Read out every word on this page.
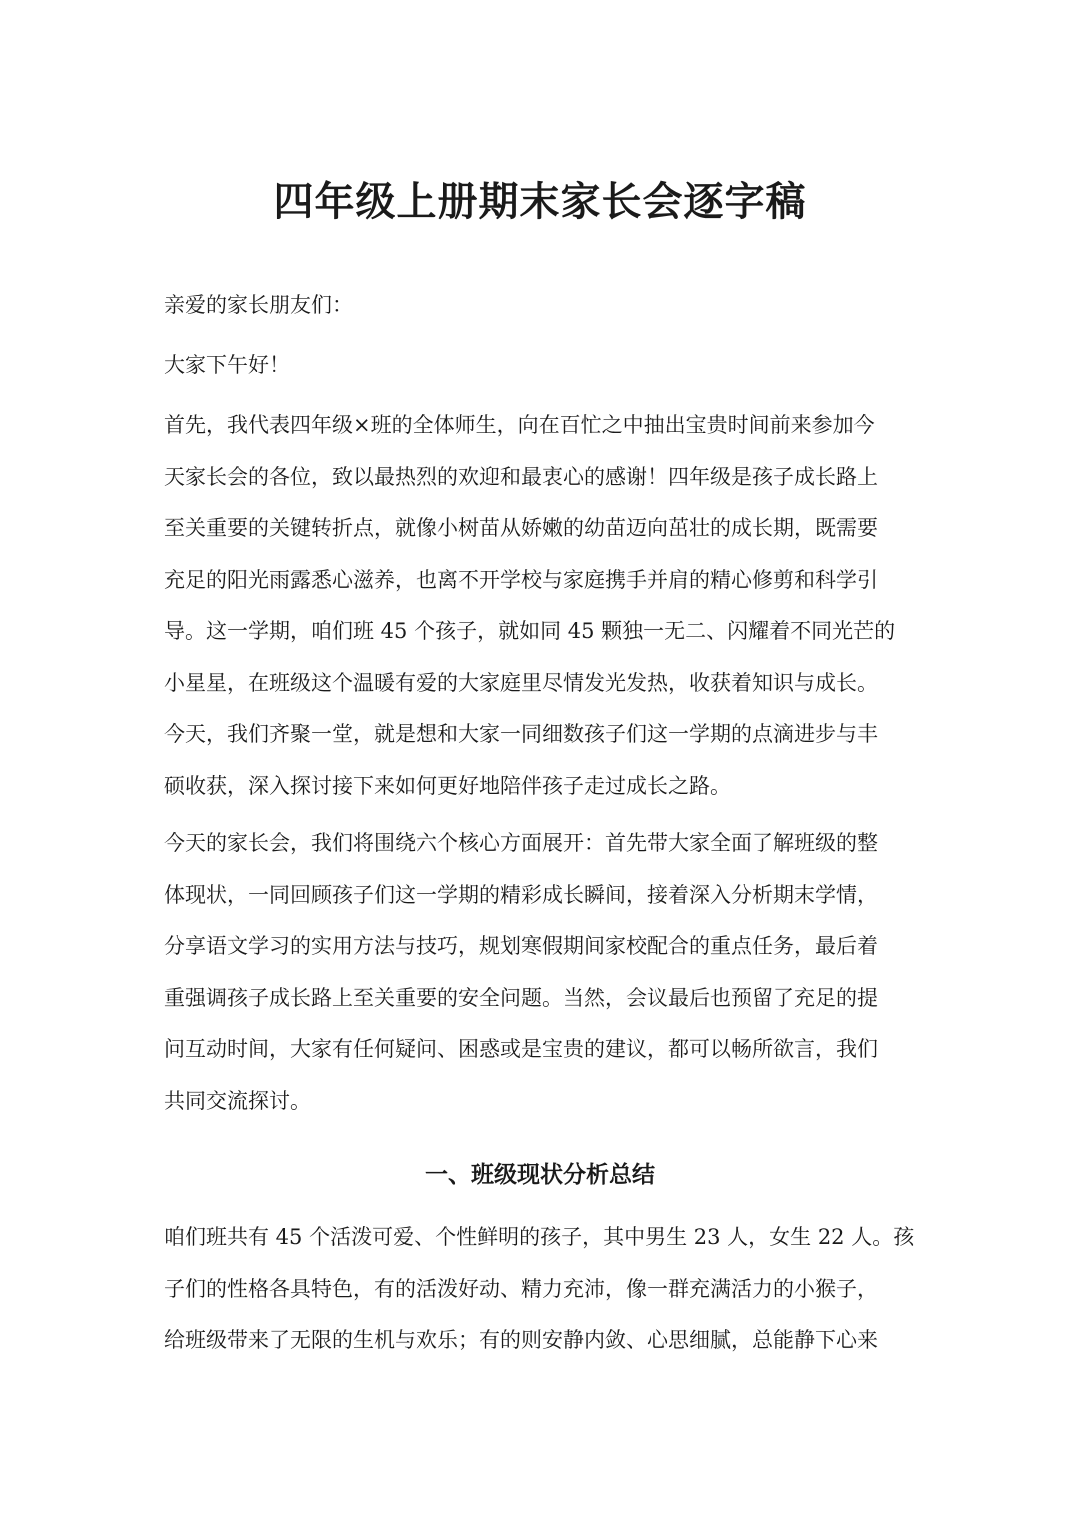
四年级上册期末家长会逐字稿

亲爱的家长朋友们：

大家下午好！

首先，我代表四年级×班的全体师生，向在百忙之中抽出宝贵时间前来参加今
天家长会的各位，致以最热烈的欢迎和最衷心的感谢！四年级是孩子成长路上
至关重要的关键转折点，就像小树苗从娇嫩的幼苗迈向茁壮的成长期，既需要
充足的阳光雨露悉心滋养，也离不开学校与家庭携手并肩的精心修剪和科学引
导。这一学期，咱们班 45 个孩子，就如同 45 颗独一无二、闪耀着不同光芒的
小星星，在班级这个温暖有爱的大家庭里尽情发光发热，收获着知识与成长。
今天，我们齐聚一堂，就是想和大家一同细数孩子们这一学期的点滴进步与丰
硕收获，深入探讨接下来如何更好地陪伴孩子走过成长之路。

今天的家长会，我们将围绕六个核心方面展开：首先带大家全面了解班级的整
体现状，一同回顾孩子们这一学期的精彩成长瞬间，接着深入分析期末学情，
分享语文学习的实用方法与技巧，规划寒假期间家校配合的重点任务，最后着
重强调孩子成长路上至关重要的安全问题。当然，会议最后也预留了充足的提
问互动时间，大家有任何疑问、困惑或是宝贵的建议，都可以畅所欲言，我们
共同交流探讨。

一、班级现状分析总结

咱们班共有 45 个活泼可爱、个性鲜明的孩子，其中男生 23 人，女生 22 人。孩
子们的性格各具特色，有的活泼好动、精力充沛，像一群充满活力的小猴子，
给班级带来了无限的生机与欢乐；有的则安静内敛、心思细腻，总能静下心来
